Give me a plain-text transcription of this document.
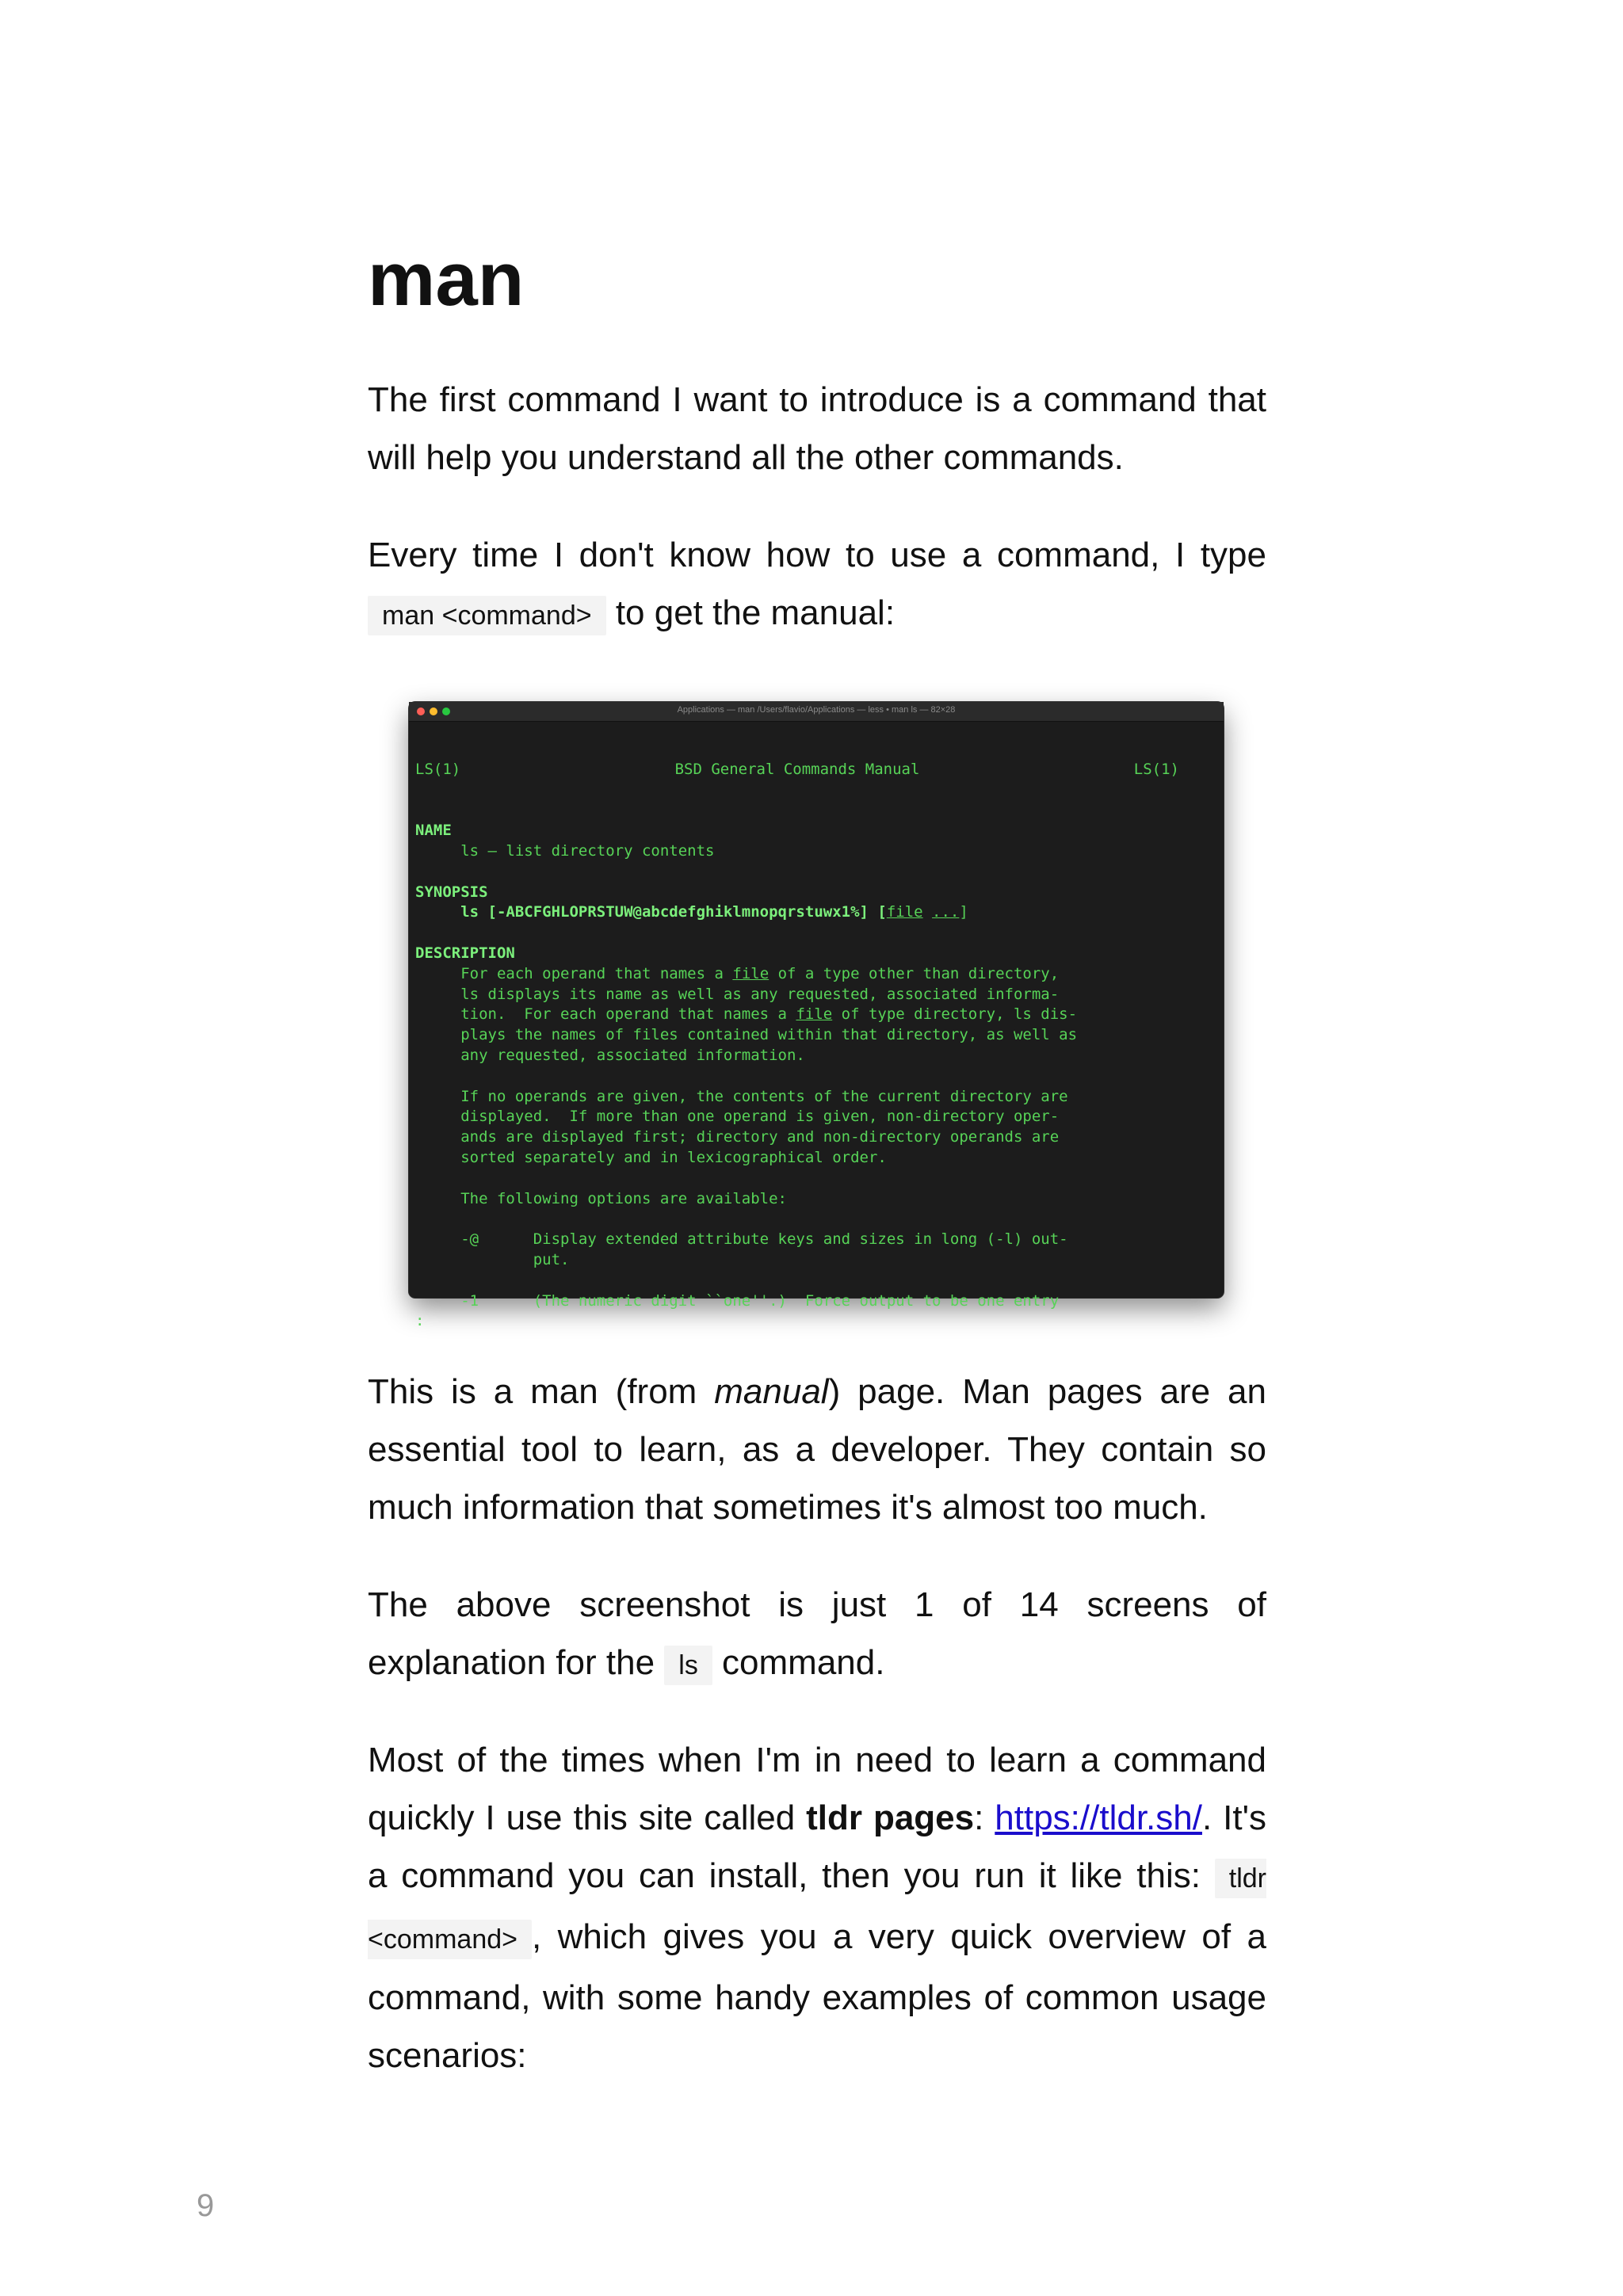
man

The first command I want to introduce is a command that will help you understand all the other commands.

Every time I don't know how to use a command, I type man <command> to get the manual:

Applications — man /Users/flavio/Applications — less • man ls — 82×28

LS(1)	BSD General Commands Manual	LS(1)

NAME
ls — list directory contents

SYNOPSIS
ls [-ABCFGHLOPRSTUW@abcdefghiklmnopqrstuwx1%] [file ...]

DESCRIPTION
For each operand that names a file of a type other than directory,
ls displays its name as well as any requested, associated informa-
tion.  For each operand that names a file of type directory, ls dis-
plays the names of files contained within that directory, as well as
any requested, associated information.

If no operands are given, the contents of the current directory are
displayed.  If more than one operand is given, non-directory oper-
ands are displayed first; directory and non-directory operands are
sorted separately and in lexicographical order.

The following options are available:

-@      Display extended attribute keys and sizes in long (-l) out-
put.

-1      (The numeric digit ``one''.)  Force output to be one entry
:

This is a man (from manual) page. Man pages are an essential tool to learn, as a developer. They contain so much information that sometimes it's almost too much.

The above screenshot is just 1 of 14 screens of explanation for the ls command.

Most of the times when I'm in need to learn a command quickly I use this site called tldr pages: https://tldr.sh/. It's a command you can install, then you run it like this: tldr <command> , which gives you a very quick overview of a command, with some handy examples of common usage scenarios:

9
